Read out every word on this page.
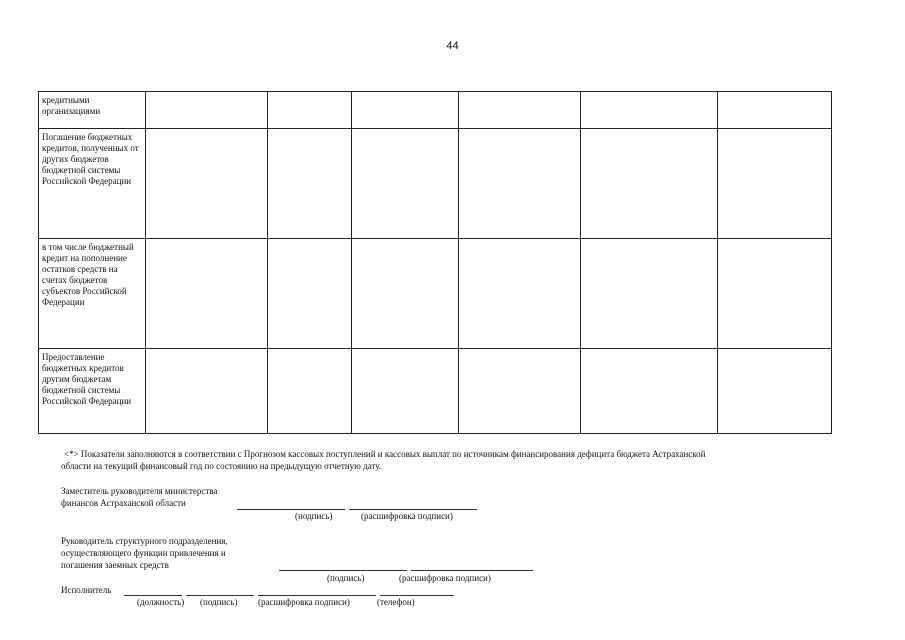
44
кредитными организациями						
Погашение бюджетных кредитов, полученных от других бюджетов бюджетной системы Российской Федерации						
в том числе бюджетный кредит на пополнение остатков средств на счетах бюджетов субъектов Российской Федерации						
Предоставление бюджетных кредитов другим бюджетам бюджетной системы Российской Федерации						
<*> Показатели заполняются в соответствии с Прогнозом кассовых поступлений и кассовых выплат по источникам финансирования дефицита бюджета Астраханской
области на текущий финансовый год по состоянию на предыдущую отчетную дату.
Заместитель руководителя министерства
финансов Астраханской области
(подпись)	(расшифровка подписи)
Руководитель структурного подразделения,
осуществляющего функции привлечения и
погашения заемных средств
(подпись)	(расшифровка подписи)
Исполнитель
(должность) (подпись) (расшифровка подписи)	(телефон)
